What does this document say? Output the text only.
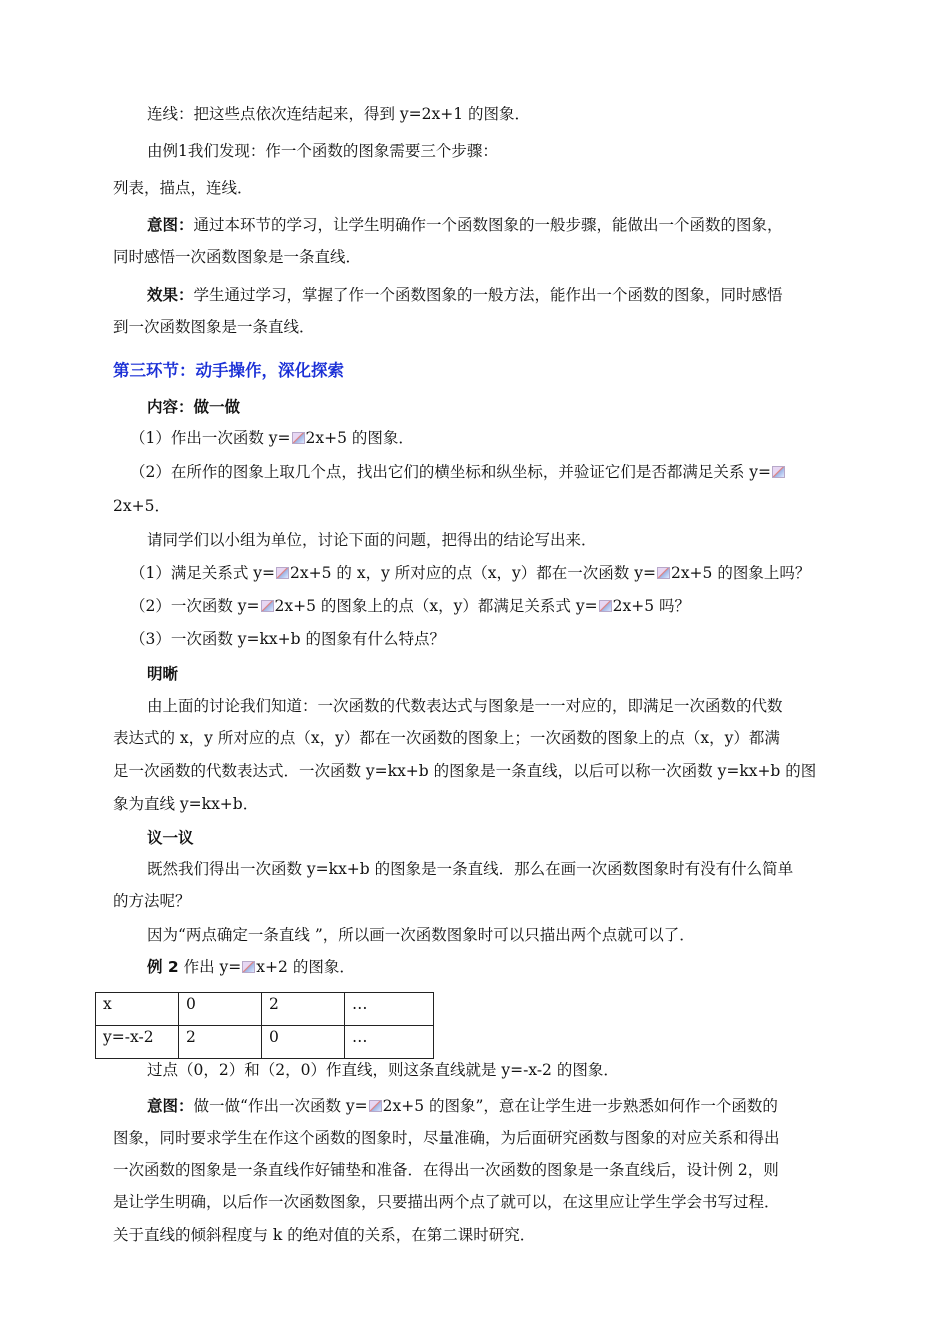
连线：把这些点依次连结起来，得到 y=2x+1 的图象．
由例1我们发现：作一个函数的图象需要三个步骤：
列表，描点，连线．
意图：通过本环节的学习，让学生明确作一个函数图象的一般步骤，能做出一个函数的图象，
同时感悟一次函数图象是一条直线．
效果：学生通过学习，掌握了作一个函数图象的一般方法，能作出一个函数的图象，同时感悟
到一次函数图象是一条直线．
第三环节：动手操作，深化探索
内容：做一做
（1）作出一次函数 y= 2x+5 的图象．
（2）在所作的图象上取几个点，找出它们的横坐标和纵坐标，并验证它们是否都满足关系 y=
2x+5．
请同学们以小组为单位，讨论下面的问题，把得出的结论写出来．
（1）满足关系式 y= 2x+5 的 x，y 所对应的点（x，y）都在一次函数 y= 2x+5 的图象上吗？
（2）一次函数 y= 2x+5 的图象上的点（x，y）都满足关系式 y= 2x+5 吗？
（3）一次函数 y=kx+b 的图象有什么特点？
明晰
由上面的讨论我们知道：一次函数的代数表达式与图象是一一对应的，即满足一次函数的代数
表达式的 x，y 所对应的点（x，y）都在一次函数的图象上；一次函数的图象上的点（x，y）都满
足一次函数的代数表达式．一次函数 y=kx+b 的图象是一条直线，以后可以称一次函数 y=kx+b 的图
象为直线 y=kx+b．
议一议
既然我们得出一次函数 y=kx+b 的图象是一条直线．那么在画一次函数图象时有没有什么简单
的方法呢？
因为“两点确定一条直线 ”，所以画一次函数图象时可以只描出两个点就可以了．
例 2 作出 y= x+2 的图象．
x	0	2	…
y=-x-2	2	0	…
过点（0，2）和（2，0）作直线，则这条直线就是 y=-x-2 的图象．
意图：做一做“作出一次函数 y= 2x+5 的图象”，意在让学生进一步熟悉如何作一个函数的
图象，同时要求学生在作这个函数的图象时，尽量准确，为后面研究函数与图象的对应关系和得出
一次函数的图象是一条直线作好铺垫和准备．在得出一次函数的图象是一条直线后，设计例 2，则
是让学生明确，以后作一次函数图象，只要描出两个点了就可以，在这里应让学生学会书写过程．
关于直线的倾斜程度与 k 的绝对值的关系，在第二课时研究．
